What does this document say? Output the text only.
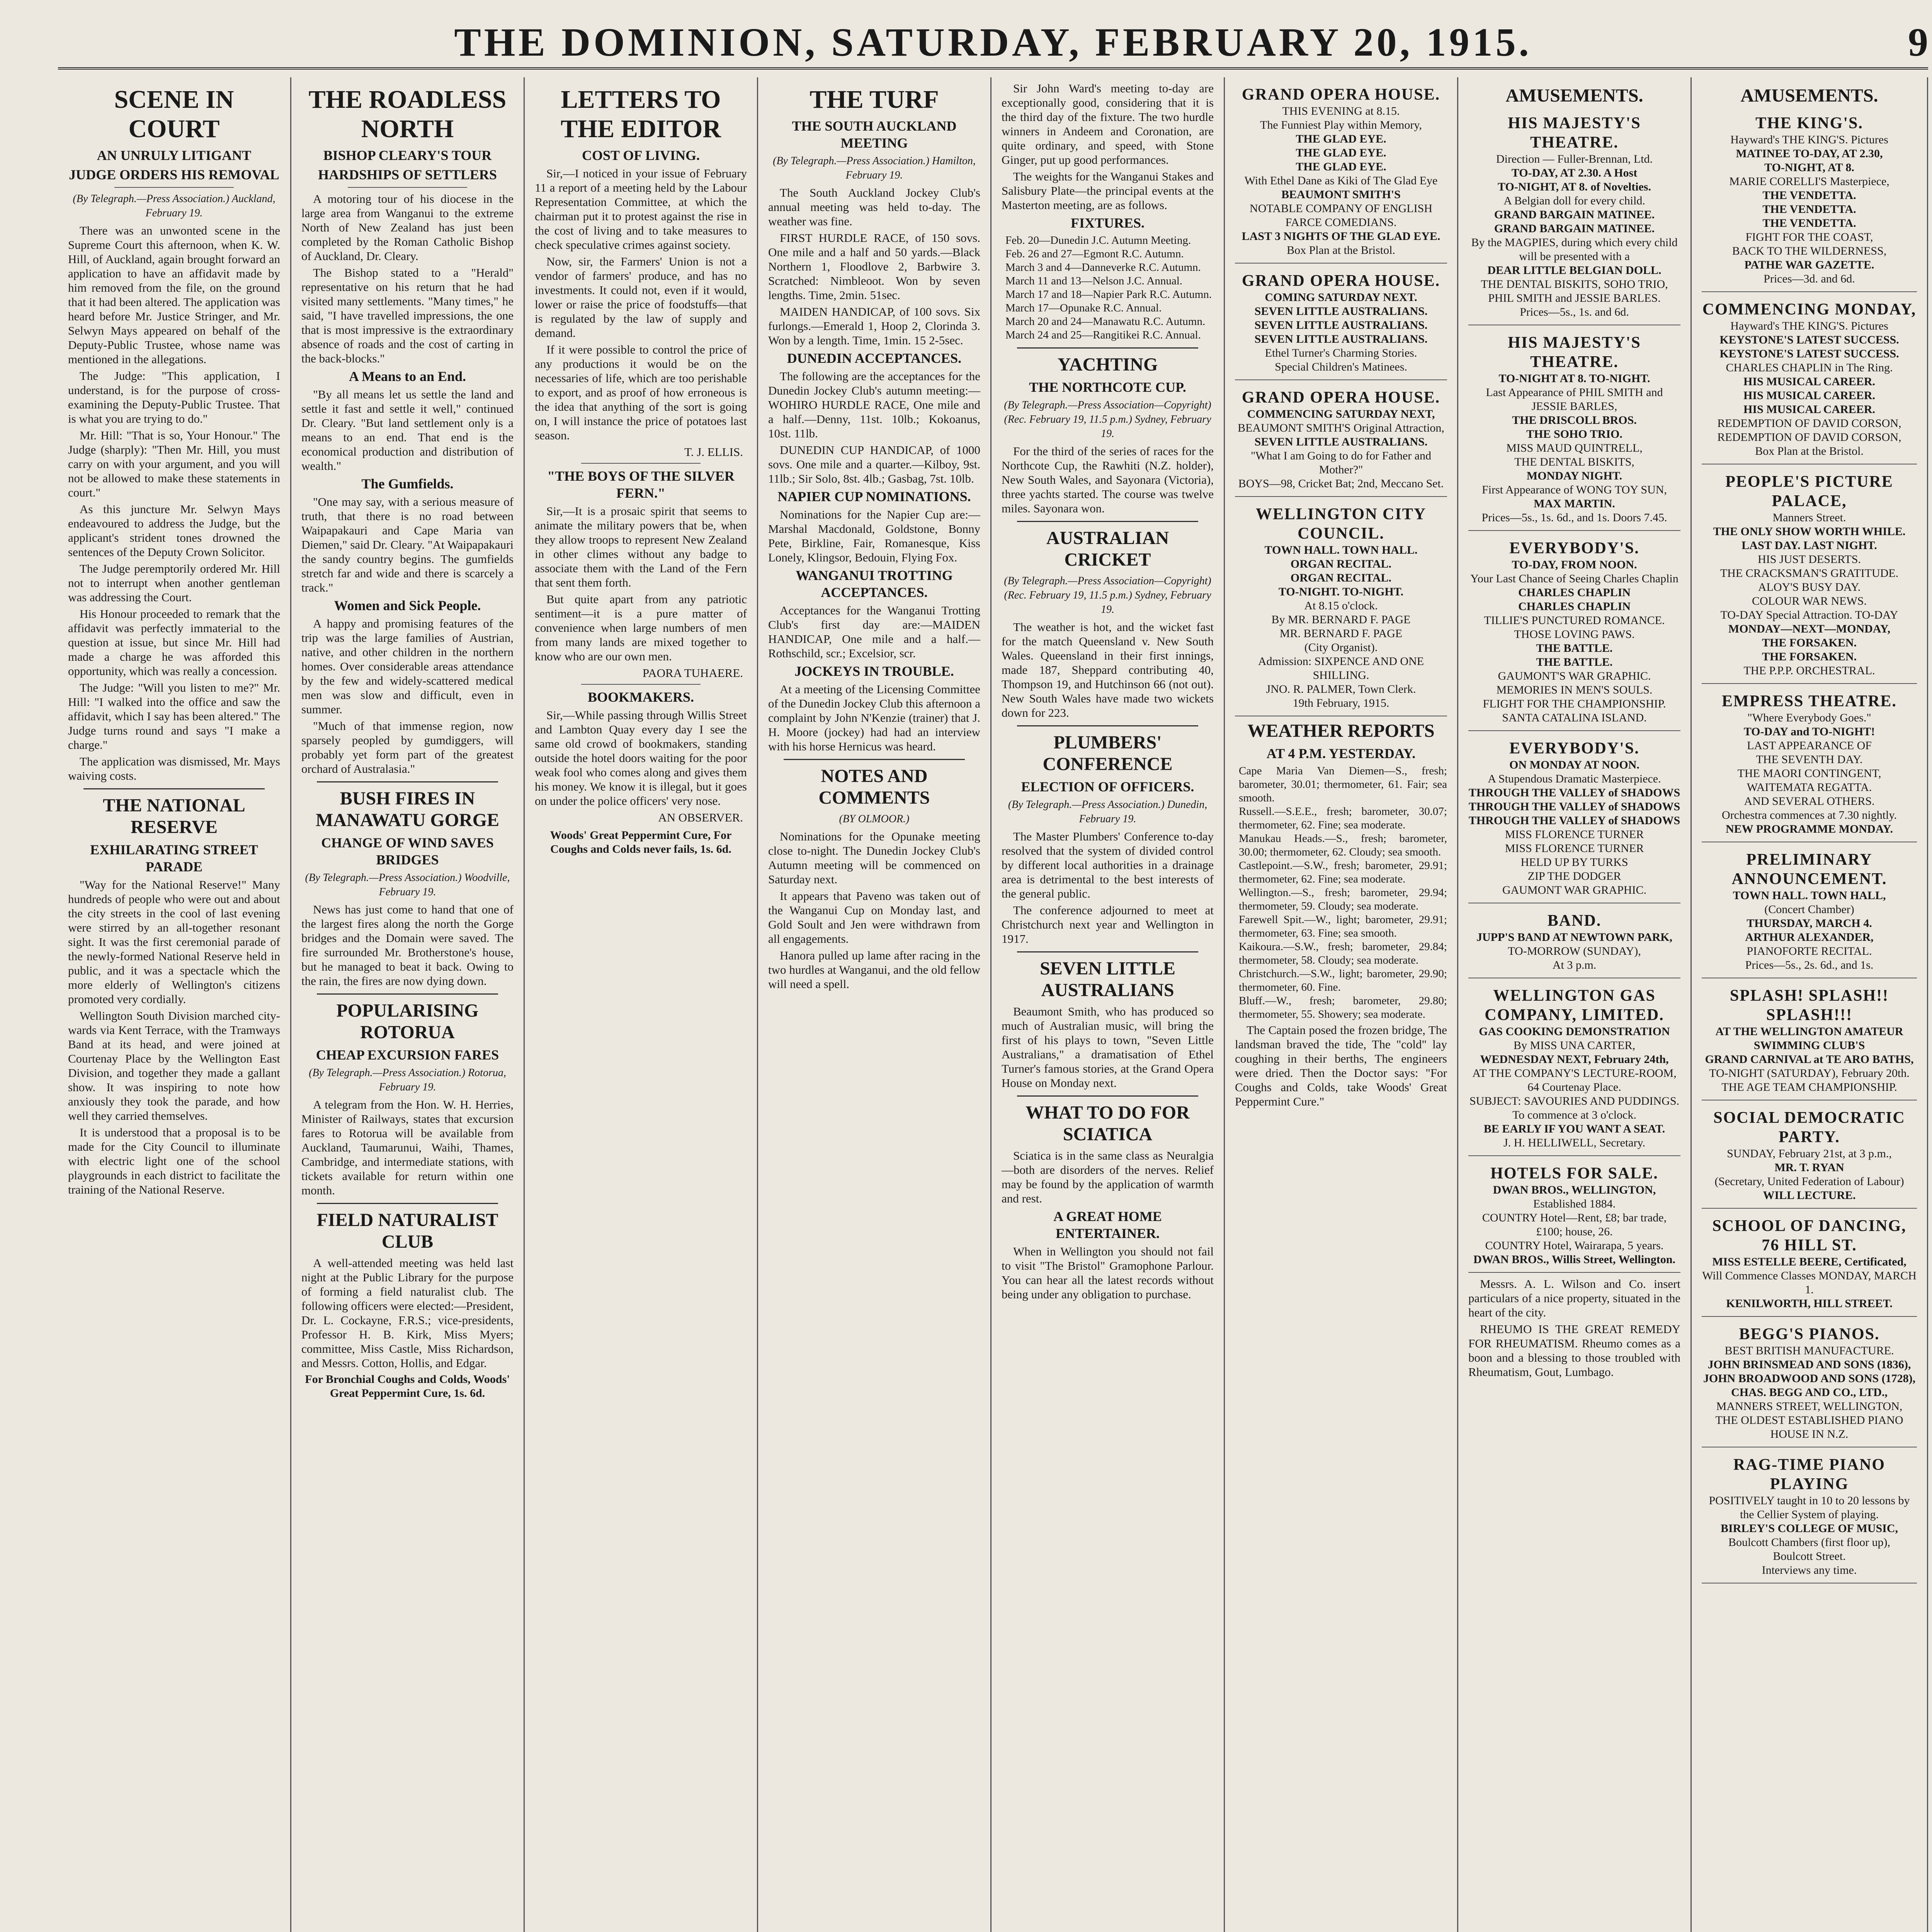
THE DOMINION, SATURDAY, FEBRUARY 20, 1915.	9
SCENE IN COURT
AN UNRULY LITIGANT
JUDGE ORDERS HIS REMOVAL
(By Telegraph.—Press Association.) Auckland, February 19.

There was an unwonted scene in the Supreme Court this afternoon, when K. W. Hill, of Auckland, again brought forward an application to have an affidavit made by him removed from the file, on the ground that it had been altered. The application was heard before Mr. Justice Stringer, and Mr. Selwyn Mays appeared on behalf of the Deputy-Public Trustee, whose name was mentioned in the allegations.

The Judge: "This application, I understand, is for the purpose of cross-examining the Deputy-Public Trustee. That is what you are trying to do."

Mr. Hill: "That is so, Your Honour." The Judge (sharply): "Then Mr. Hill, you must carry on with your argument, and you will not be allowed to make these statements in court."

As this juncture Mr. Selwyn Mays endeavoured to address the Judge, but the applicant's strident tones drowned the sentences of the Deputy Crown Solicitor.

The Judge peremptorily ordered Mr. Hill not to interrupt when another gentleman was addressing the Court.

His Honour proceeded to remark that the affidavit was perfectly immaterial to the question at issue, but since Mr. Hill had made a charge he was afforded this opportunity, which was really a concession.

The Judge: "Will you listen to me?" Mr. Hill: "I walked into the office and saw the affidavit, which I say has been altered." The Judge turns round and says "I make a charge."

The application was dismissed, Mr. Mays waiving costs.

THE NATIONAL RESERVE
EXHILARATING STREET PARADE

"Way for the National Reserve!" Many hundreds of people who were out and about the city streets in the cool of last evening were stirred by an all-together resonant sight. It was the first ceremonial parade of the newly-formed National Reserve held in public, and it was a spectacle which the more elderly of Wellington's citizens promoted very cordially.

Wellington South Division marched city-wards via Kent Terrace, with the Tramways Band at its head, and were joined at Courtenay Place by the Wellington East Division, and together they made a gallant show. It was inspiring to note how anxiously they took the parade, and how well they carried themselves.

It is understood that a proposal is to be made for the City Council to illuminate with electric light one of the school playgrounds in each district to facilitate the training of the National Reserve.

THE ROADLESS NORTH
BISHOP CLEARY'S TOUR
HARDSHIPS OF SETTLERS

A motoring tour of his diocese in the large area from Wanganui to the extreme North of New Zealand has just been completed by the Roman Catholic Bishop of Auckland, Dr. Cleary.

The Bishop stated to a "Herald" representative on his return that he had visited many settlements. "Many times," he said, "I have travelled impressions, the one that is most impressive is the extraordinary absence of roads and the cost of carting in the back-blocks."

A Means to an End.

"By all means let us settle the land and settle it fast and settle it well," continued Dr. Cleary. "But land settlement only is a means to an end. That end is the economical production and distribution of wealth."

The Gumfields.

"One may say, with a serious measure of truth, that there is no road between Waipapakauri and Cape Maria van Diemen," said Dr. Cleary. "At Waipapakauri the sandy country begins. The gumfields stretch far and wide and there is scarcely a track."

Women and Sick People.

A happy and promising features of the trip was the large families of Austrian, native, and other children in the northern homes. Over considerable areas attendance by the few and widely-scattered medical men was slow and difficult, even in summer.

"Much of that immense region, now sparsely peopled by gumdiggers, will probably yet form part of the greatest orchard of Australasia."

BUSH FIRES IN MANAWATU GORGE
CHANGE OF WIND SAVES BRIDGES
(By Telegraph.—Press Association.) Woodville, February 19.

News has just come to hand that one of the largest fires along the north the Gorge bridges and the Domain were saved. The fire surrounded Mr. Brotherstone's house, but he managed to beat it back. Owing to the rain, the fires are now dying down.

POPULARISING ROTORUA
CHEAP EXCURSION FARES
(By Telegraph.—Press Association.) Rotorua, February 19.

A telegram from the Hon. W. H. Herries, Minister of Railways, states that excursion fares to Rotorua will be available from Auckland, Taumarunui, Waihi, Thames, Cambridge, and intermediate stations, with tickets available for return within one month.

FIELD NATURALIST CLUB

A well-attended meeting was held last night at the Public Library for the purpose of forming a field naturalist club. The following officers were elected:—President, Dr. L. Cockayne, F.R.S.; vice-presidents, Professor H. B. Kirk, Miss Myers; committee, Miss Castle, Miss Richardson, and Messrs. Cotton, Hollis, and Edgar.

For Bronchial Coughs and Colds, Woods' Great Peppermint Cure, 1s. 6d.
LETTERS TO THE EDITOR
COST OF LIVING.

Sir,—I noticed in your issue of February 11 a report of a meeting held by the Labour Representation Committee, at which the chairman put it to protest against the rise in the cost of living and to take measures to check speculative crimes against society.

Now, sir, the Farmers' Union is not a vendor of farmers' produce, and has no investments. It could not, even if it would, lower or raise the price of foodstuffs—that is regulated by the law of supply and demand.

If it were possible to control the price of any productions it would be on the necessaries of life, which are too perishable to export, and as proof of how erroneous is the idea that anything of the sort is going on, I will instance the price of potatoes last season.

T. J. ELLIS.
"THE BOYS OF THE SILVER FERN."

Sir,—It is a prosaic spirit that seems to animate the military powers that be, when they allow troops to represent New Zealand in other climes without any badge to associate them with the Land of the Fern that sent them forth.

But quite apart from any patriotic sentiment—it is a pure matter of convenience when large numbers of men from many lands are mixed together to know who are our own men.

PAORA TUHAERE.
BOOKMAKERS.

Sir,—While passing through Willis Street and Lambton Quay every day I see the same old crowd of bookmakers, standing outside the hotel doors waiting for the poor weak fool who comes along and gives them his money. We know it is illegal, but it goes on under the police officers' very nose.

AN OBSERVER.
Woods' Great Peppermint Cure, For Coughs and Colds never fails, 1s. 6d.
THE TURF
THE SOUTH AUCKLAND MEETING
(By Telegraph.—Press Association.) Hamilton, February 19.

The South Auckland Jockey Club's annual meeting was held to-day. The weather was fine.

FIRST HURDLE RACE, of 150 sovs. One mile and a half and 50 yards.—Black Northern 1, Floodlove 2, Barbwire 3. Scratched: Nimbleoot. Won by seven lengths. Time, 2min. 51sec.

MAIDEN HANDICAP, of 100 sovs. Six furlongs.—Emerald 1, Hoop 2, Clorinda 3. Won by a length. Time, 1min. 15 2-5sec.

DUNEDIN ACCEPTANCES.

The following are the acceptances for the Dunedin Jockey Club's autumn meeting:—WOHIRO HURDLE RACE, One mile and a half.—Denny, 11st. 10lb.; Kokoanus, 10st. 11lb.

DUNEDIN CUP HANDICAP, of 1000 sovs. One mile and a quarter.—Kilboy, 9st. 11lb.; Sir Solo, 8st. 4lb.; Gasbag, 7st. 10lb.

NAPIER CUP NOMINATIONS.

Nominations for the Napier Cup are:—Marshal Macdonald, Goldstone, Bonny Pete, Birkline, Fair, Romanesque, Kiss Lonely, Klingsor, Bedouin, Flying Fox.

WANGANUI TROTTING ACCEPTANCES.

Acceptances for the Wanganui Trotting Club's first day are:—MAIDEN HANDICAP, One mile and a half.—Rothschild, scr.; Excelsior, scr.

JOCKEYS IN TROUBLE.

At a meeting of the Licensing Committee of the Dunedin Jockey Club this afternoon a complaint by John N'Kenzie (trainer) that J. H. Moore (jockey) had had an interview with his horse Hernicus was heard.

NOTES AND COMMENTS
(BY OLMOOR.)

Nominations for the Opunake meeting close to-night. The Dunedin Jockey Club's Autumn meeting will be commenced on Saturday next.

It appears that Paveno was taken out of the Wanganui Cup on Monday last, and Gold Soult and Jen were withdrawn from all engagements.

Hanora pulled up lame after racing in the two hurdles at Wanganui, and the old fellow will need a spell.

Sir John Ward's meeting to-day are exceptionally good, considering that it is the third day of the fixture. The two hurdle winners in Andeem and Coronation, are quite ordinary, and speed, with Stone Ginger, put up good performances.

The weights for the Wanganui Stakes and Salisbury Plate—the principal events at the Masterton meeting, are as follows.

FIXTURES.
Feb. 20—Dunedin J.C. Autumn Meeting.
Feb. 26 and 27—Egmont R.C. Autumn.
March 3 and 4—Danneverke R.C. Autumn.
March 11 and 13—Nelson J.C. Annual.
March 17 and 18—Napier Park R.C. Autumn.
March 17—Opunake R.C. Annual.
March 20 and 24—Manawatu R.C. Autumn.
March 24 and 25—Rangitikei R.C. Annual.
YACHTING
THE NORTHCOTE CUP.
(By Telegraph.—Press Association—Copyright) (Rec. February 19, 11.5 p.m.) Sydney, February 19.

For the third of the series of races for the Northcote Cup, the Rawhiti (N.Z. holder), New South Wales, and Sayonara (Victoria), three yachts started. The course was twelve miles. Sayonara won.

AUSTRALIAN CRICKET
(By Telegraph.—Press Association—Copyright) (Rec. February 19, 11.5 p.m.) Sydney, February 19.

The weather is hot, and the wicket fast for the match Queensland v. New South Wales. Queensland in their first innings, made 187, Sheppard contributing 40, Thompson 19, and Hutchinson 66 (not out). New South Wales have made two wickets down for 223.

PLUMBERS' CONFERENCE
ELECTION OF OFFICERS.
(By Telegraph.—Press Association.) Dunedin, February 19.

The Master Plumbers' Conference to-day resolved that the system of divided control by different local authorities in a drainage area is detrimental to the best interests of the general public.

The conference adjourned to meet at Christchurch next year and Wellington in 1917.

SEVEN LITTLE AUSTRALIANS

Beaumont Smith, who has produced so much of Australian music, will bring the first of his plays to town, "Seven Little Australians," a dramatisation of Ethel Turner's famous stories, at the Grand Opera House on Monday next.

WHAT TO DO FOR SCIATICA

Sciatica is in the same class as Neuralgia—both are disorders of the nerves. Relief may be found by the application of warmth and rest.

A GREAT HOME ENTERTAINER.

When in Wellington you should not fail to visit "The Bristol" Gramophone Parlour. You can hear all the latest records without being under any obligation to purchase.

GRAND OPERA HOUSE.
THIS EVENING at 8.15.
The Funniest Play within Memory,
THE GLAD EYE.
THE GLAD EYE.
THE GLAD EYE.
With Ethel Dane as Kiki of The Glad Eye
BEAUMONT SMITH'S
NOTABLE COMPANY OF ENGLISH FARCE COMEDIANS.
LAST 3 NIGHTS OF THE GLAD EYE.
Box Plan at the Bristol.
GRAND OPERA HOUSE.
COMING SATURDAY NEXT.
SEVEN LITTLE AUSTRALIANS.
SEVEN LITTLE AUSTRALIANS.
SEVEN LITTLE AUSTRALIANS.
Ethel Turner's Charming Stories.
Special Children's Matinees.
GRAND OPERA HOUSE.
COMMENCING SATURDAY NEXT,
BEAUMONT SMITH'S Original Attraction,
SEVEN LITTLE AUSTRALIANS.
"What I am Going to do for Father and Mother?"
BOYS—98, Cricket Bat; 2nd, Meccano Set.
WELLINGTON CITY COUNCIL.
TOWN HALL. TOWN HALL.
ORGAN RECITAL.
ORGAN RECITAL.
TO-NIGHT. TO-NIGHT.
At 8.15 o'clock.
By MR. BERNARD F. PAGE
MR. BERNARD F. PAGE
(City Organist).
Admission: SIXPENCE AND ONE SHILLING.
JNO. R. PALMER, Town Clerk.
19th February, 1915.
WEATHER REPORTS
AT 4 P.M. YESTERDAY.
Cape Maria Van Diemen—S., fresh; barometer, 30.01; thermometer, 61. Fair; sea smooth.
Russell.—S.E.E., fresh; barometer, 30.07; thermometer, 62. Fine; sea moderate.
Manukau Heads.—S., fresh; barometer, 30.00; thermometer, 62. Cloudy; sea smooth.
Castlepoint.—S.W., fresh; barometer, 29.91; thermometer, 62. Fine; sea moderate.
Wellington.—S., fresh; barometer, 29.94; thermometer, 59. Cloudy; sea moderate.
Farewell Spit.—W., light; barometer, 29.91; thermometer, 63. Fine; sea smooth.
Kaikoura.—S.W., fresh; barometer, 29.84; thermometer, 58. Cloudy; sea moderate.
Christchurch.—S.W., light; barometer, 29.90; thermometer, 60. Fine.
Bluff.—W., fresh; barometer, 29.80; thermometer, 55. Showery; sea moderate.

The Captain posed the frozen bridge, The landsman braved the tide, The "cold" lay coughing in their berths, The engineers were dried. Then the Doctor says: "For Coughs and Colds, take Woods' Great Peppermint Cure."

AMUSEMENTS.
HIS MAJESTY'S THEATRE.
Direction — Fuller-Brennan, Ltd.
TO-DAY, AT 2.30. A Host
TO-NIGHT, AT 8. of Novelties.
A Belgian doll for every child.
GRAND BARGAIN MATINEE.
GRAND BARGAIN MATINEE.
By the MAGPIES, during which every child will be presented with a
DEAR LITTLE BELGIAN DOLL.
THE DENTAL BISKITS, SOHO TRIO,
PHIL SMITH and JESSIE BARLES.
Prices—5s., 1s. and 6d.
HIS MAJESTY'S THEATRE.
TO-NIGHT AT 8. TO-NIGHT.
Last Appearance of PHIL SMITH and JESSIE BARLES,
THE DRISCOLL BROS.
THE SOHO TRIO.
MISS MAUD QUINTRELL,
THE DENTAL BISKITS,
MONDAY NIGHT.
First Appearance of WONG TOY SUN,
MAX MARTIN.
Prices—5s., 1s. 6d., and 1s. Doors 7.45.
EVERYBODY'S.
TO-DAY, FROM NOON.
Your Last Chance of Seeing Charles Chaplin
CHARLES CHAPLIN
CHARLES CHAPLIN
TILLIE'S PUNCTURED ROMANCE.
THOSE LOVING PAWS.
THE BATTLE.
THE BATTLE.
GAUMONT'S WAR GRAPHIC.
MEMORIES IN MEN'S SOULS.
FLIGHT FOR THE CHAMPIONSHIP.
SANTA CATALINA ISLAND.
EVERYBODY'S.
ON MONDAY AT NOON.
A Stupendous Dramatic Masterpiece.
THROUGH THE VALLEY of SHADOWS
THROUGH THE VALLEY of SHADOWS
THROUGH THE VALLEY of SHADOWS
MISS FLORENCE TURNER
MISS FLORENCE TURNER
HELD UP BY TURKS
ZIP THE DODGER
GAUMONT WAR GRAPHIC.
BAND.
JUPP'S BAND AT NEWTOWN PARK,
TO-MORROW (SUNDAY),
At 3 p.m.
WELLINGTON GAS COMPANY, LIMITED.
GAS COOKING DEMONSTRATION
By MISS UNA CARTER,
WEDNESDAY NEXT, February 24th,
AT THE COMPANY'S LECTURE-ROOM, 64 Courtenay Place.
SUBJECT: SAVOURIES AND PUDDINGS.
To commence at 3 o'clock.
BE EARLY IF YOU WANT A SEAT.
J. H. HELLIWELL, Secretary.
HOTELS FOR SALE.
DWAN BROS., WELLINGTON,
Established 1884.
COUNTRY Hotel—Rent, £8; bar trade, £100; house, 26.
COUNTRY Hotel, Wairarapa, 5 years.
DWAN BROS., Willis Street, Wellington.

Messrs. A. L. Wilson and Co. insert particulars of a nice property, situated in the heart of the city.

RHEUMO IS THE GREAT REMEDY FOR RHEUMATISM. Rheumo comes as a boon and a blessing to those troubled with Rheumatism, Gout, Lumbago.

AMUSEMENTS.
THE KING'S.
Hayward's THE KING'S. Pictures
MATINEE TO-DAY, AT 2.30,
TO-NIGHT, AT 8.
MARIE CORELLI'S Masterpiece,
THE VENDETTA.
THE VENDETTA.
THE VENDETTA.
FIGHT FOR THE COAST,
BACK TO THE WILDERNESS,
PATHE WAR GAZETTE.
Prices—3d. and 6d.
COMMENCING MONDAY,
Hayward's THE KING'S. Pictures
KEYSTONE'S LATEST SUCCESS.
KEYSTONE'S LATEST SUCCESS.
CHARLES CHAPLIN in The Ring.
HIS MUSICAL CAREER.
HIS MUSICAL CAREER.
HIS MUSICAL CAREER.
REDEMPTION OF DAVID CORSON,
REDEMPTION OF DAVID CORSON,
Box Plan at the Bristol.
PEOPLE'S PICTURE PALACE,
Manners Street.
THE ONLY SHOW WORTH WHILE.
LAST DAY. LAST NIGHT.
HIS JUST DESERTS.
THE CRACKSMAN'S GRATITUDE.
ALOY'S BUSY DAY.
COLOUR WAR NEWS.
TO-DAY Special Attraction. TO-DAY
MONDAY—NEXT—MONDAY,
THE FORSAKEN.
THE FORSAKEN.
THE P.P.P. ORCHESTRAL.
EMPRESS THEATRE.
"Where Everybody Goes."
TO-DAY and TO-NIGHT!
LAST APPEARANCE OF
THE SEVENTH DAY.
THE MAORI CONTINGENT,
WAITEMATA REGATTA.
AND SEVERAL OTHERS.
Orchestra commences at 7.30 nightly.
NEW PROGRAMME MONDAY.
PRELIMINARY ANNOUNCEMENT.
TOWN HALL. TOWN HALL,
(Concert Chamber)
THURSDAY, MARCH 4.
ARTHUR ALEXANDER,
PIANOFORTE RECITAL.
Prices—5s., 2s. 6d., and 1s.
SPLASH! SPLASH!! SPLASH!!!
AT THE WELLINGTON AMATEUR SWIMMING CLUB'S
GRAND CARNIVAL at TE ARO BATHS,
TO-NIGHT (SATURDAY), February 20th.
THE AGE TEAM CHAMPIONSHIP.
SOCIAL DEMOCRATIC PARTY.
SUNDAY, February 21st, at 3 p.m.,
MR. T. RYAN
(Secretary, United Federation of Labour)
WILL LECTURE.
SCHOOL OF DANCING, 76 HILL ST.
MISS ESTELLE BEERE, Certificated,
Will Commence Classes MONDAY, MARCH 1.
KENILWORTH, HILL STREET.
BEGG'S PIANOS.
BEST BRITISH MANUFACTURE.
JOHN BRINSMEAD AND SONS (1836),
JOHN BROADWOOD AND SONS (1728),
CHAS. BEGG AND CO., LTD.,
MANNERS STREET, WELLINGTON,
THE OLDEST ESTABLISHED PIANO HOUSE IN N.Z.
RAG-TIME PIANO PLAYING
POSITIVELY taught in 10 to 20 lessons by the Cellier System of playing.
BIRLEY'S COLLEGE OF MUSIC,
Boulcott Chambers (first floor up),
Boulcott Street.
Interviews any time.
